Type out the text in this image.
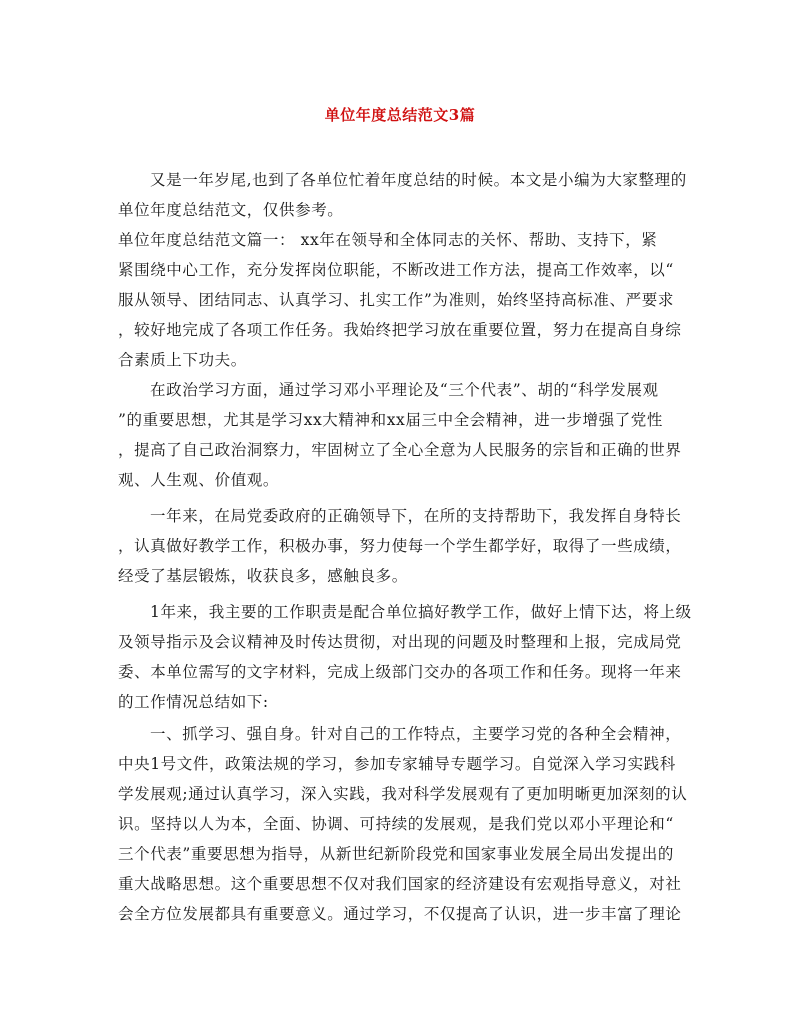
单位年度总结范文3篇
又是一年岁尾,也到了各单位忙着年度总结的时候。本文是小编为大家整理的
单位年度总结范文，仅供参考。
单位年度总结范文篇一： xx年在领导和全体同志的关怀、帮助、支持下，紧
紧围绕中心工作，充分发挥岗位职能，不断改进工作方法，提高工作效率，以“
服从领导、团结同志、认真学习、扎实工作”为准则，始终坚持高标准、严要求
，较好地完成了各项工作任务。我始终把学习放在重要位置，努力在提高自身综
合素质上下功夫。
在政治学习方面，通过学习邓小平理论及“三个代表”、胡的“科学发展观
”的重要思想，尤其是学习xx大精神和xx届三中全会精神，进一步增强了党性
，提高了自己政治洞察力，牢固树立了全心全意为人民服务的宗旨和正确的世界
观、人生观、价值观。
一年来，在局党委政府的正确领导下，在所的支持帮助下，我发挥自身特长
，认真做好教学工作，积极办事，努力使每一个学生都学好，取得了一些成绩，
经受了基层锻炼，收获良多，感触良多。
1年来，我主要的工作职责是配合单位搞好教学工作，做好上情下达，将上级
及领导指示及会议精神及时传达贯彻，对出现的问题及时整理和上报，完成局党
委、本单位需写的文字材料，完成上级部门交办的各项工作和任务。现将一年来
的工作情况总结如下:
一、抓学习、强自身。针对自己的工作特点，主要学习党的各种全会精神，
中央1号文件，政策法规的学习，参加专家辅导专题学习。自觉深入学习实践科
学发展观;通过认真学习，深入实践，我对科学发展观有了更加明晰更加深刻的认
识。坚持以人为本，全面、协调、可持续的发展观，是我们党以邓小平理论和“
三个代表”重要思想为指导，从新世纪新阶段党和国家事业发展全局出发提出的
重大战略思想。这个重要思想不仅对我们国家的经济建设有宏观指导意义，对社
会全方位发展都具有重要意义。通过学习，不仅提高了认识，进一步丰富了理论
